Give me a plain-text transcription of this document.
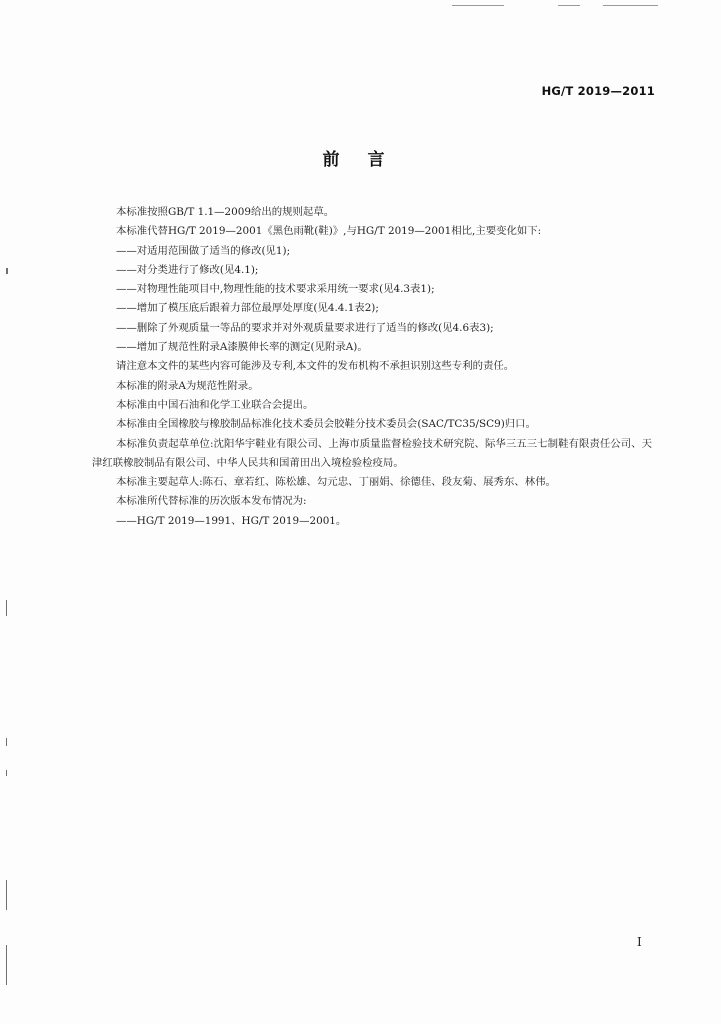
HG/T 2019—2011
前言

本标准按照GB/T 1.1—2009给出的规则起草。

本标准代替HG/T 2019—2001《黑色雨靴(鞋)》,与HG/T 2019—2001相比,主要变化如下:

——对适用范围做了适当的修改(见1);

——对分类进行了修改(见4.1);

——对物理性能项目中,物理性能的技术要求采用统一要求(见4.3表1);

——增加了模压底后跟着力部位最厚处厚度(见4.4.1表2);

——删除了外观质量一等品的要求并对外观质量要求进行了适当的修改(见4.6表3);

——增加了规范性附录A漆膜伸长率的测定(见附录A)。

请注意本文件的某些内容可能涉及专利,本文件的发布机构不承担识别这些专利的责任。

本标准的附录A为规范性附录。

本标准由中国石油和化学工业联合会提出。

本标准由全国橡胶与橡胶制品标准化技术委员会胶鞋分技术委员会(SAC/TC35/SC9)归口。

本标准负责起草单位:沈阳华宇鞋业有限公司、上海市质量监督检验技术研究院、际华三五三七制鞋有限责任公司、天津红联橡胶制品有限公司、中华人民共和国莆田出入境检验检疫局。

本标准主要起草人:陈石、章若红、陈松雄、勾元忠、丁丽娟、徐德佳、段友菊、展秀东、林伟。

本标准所代替标准的历次版本发布情况为:

——HG/T 2019—1991、HG/T 2019—2001。

I
